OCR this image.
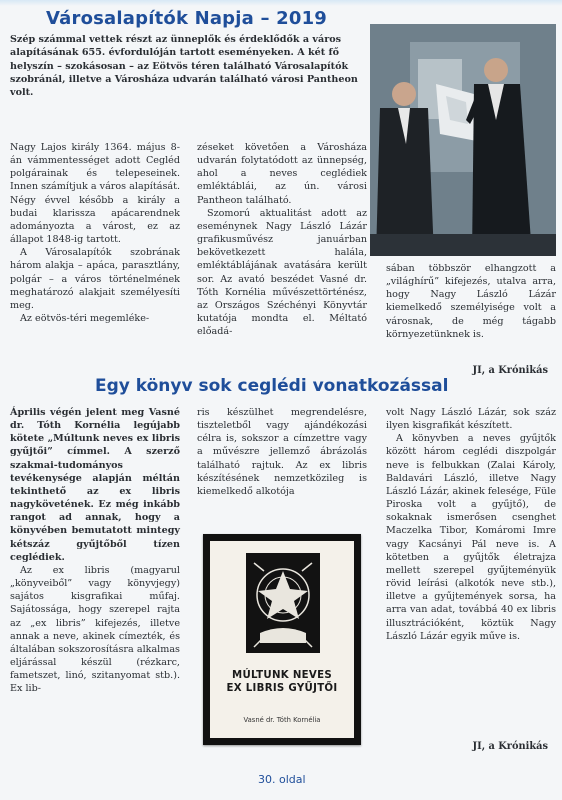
Városalapítók Napja – 2019

Szép számmal vettek részt az ünneplők és érdeklődők a város alapításának 655. évfordulóján tartott eseményeken. A két fő helyszín – szokásosan – az Eötvös téren található Városalapítók szobránál, illetve a Városháza udvarán található városi Pantheon volt.

Nagy Lajos király 1364. május 8-án vámmentességet adott Cegléd polgárainak és telepeseinek. Innen számítjuk a város alapítását. Négy évvel később a király a budai klarissza apácarendnek adományozta a várost, ez az állapot 1848-ig tartott.

A Városalapítók szobrának három alakja – apáca, parasztlány, polgár – a város történelmének meghatározó alakjait személyesíti meg.

Az eötvös-téri megemléke-

zéseket követően a Városháza udvarán folytatódott az ünnepség, ahol a neves ceglédiek emléktáblái, az ún. városi Pantheon található.

Szomorú aktualitást adott az eseménynek Nagy László Lázár grafikusművész januárban bekövetkezett halála, emléktáblájának avatására került sor. Az avató beszédet Vasné dr. Tóth Kornélia művészettörténész, az Országos Széchényi Könyvtár kutatója mondta el. Méltató előadá-

sában többször elhangzott a „világhírű” kifejezés, utalva arra, hogy Nagy László Lázár kiemelkedő személyisége volt a városnak, de még tágabb környezetünknek is.

JI, a Krónikás
Egy könyv sok ceglédi vonatkozással

Április végén jelent meg Vasné dr. Tóth Kornélia legújabb kötete „Múltunk neves ex libris gyűjtői” címmel. A szerző szakmai-tudományos tevékenysége alapján méltán tekinthető az ex libris nagykövetének. Ez még inkább rangot ad annak, hogy a könyvében bemutatott mintegy kétszáz gyűjtőből tízen ceglédiek.

Az ex libris (magyarul „könyveiből” vagy könyvjegy) sajátos kisgrafikai műfaj. Sajátossága, hogy szerepel rajta az „ex libris” kifejezés, illetve annak a neve, akinek címezték, és általában sokszorosításra alkalmas eljárással készül (rézkarc, fametszet, linó, szitanyomat stb.). Ex lib-

ris készülhet megrendelésre, tiszteletből vagy ajándékozási célra is, sokszor a címzettre vagy a művészre jellemző ábrázolás található rajtuk. Az ex libris készítésének nemzetközileg is kiemelkedő alkotója

MÚLTUNK NEVES
EX LIBRIS GYŰJTŐI
Vasné dr. Tóth Kornélia

volt Nagy László Lázár, sok száz ilyen kisgrafikát készített.

A könyvben a neves gyűjtők között három ceglédi diszpolgár neve is felbukkan (Zalai Károly, Baldavári László, illetve Nagy László Lázár, akinek felesége, Füle Piroska volt a gyűjtő), de sokaknak ismerősen csenghet Maczelka Tibor, Komáromi Imre vagy Kacsányi Pál neve is. A kötetben a gyűjtők életrajza mellett szerepel gyűjteményük rövid leírási (alkotók neve stb.), illetve a gyűjtemények sorsa, ha arra van adat, továbbá 40 ex libris illusztrációként, köztük Nagy László Lázár egyik műve is.

JI, a Krónikás
30. oldal
